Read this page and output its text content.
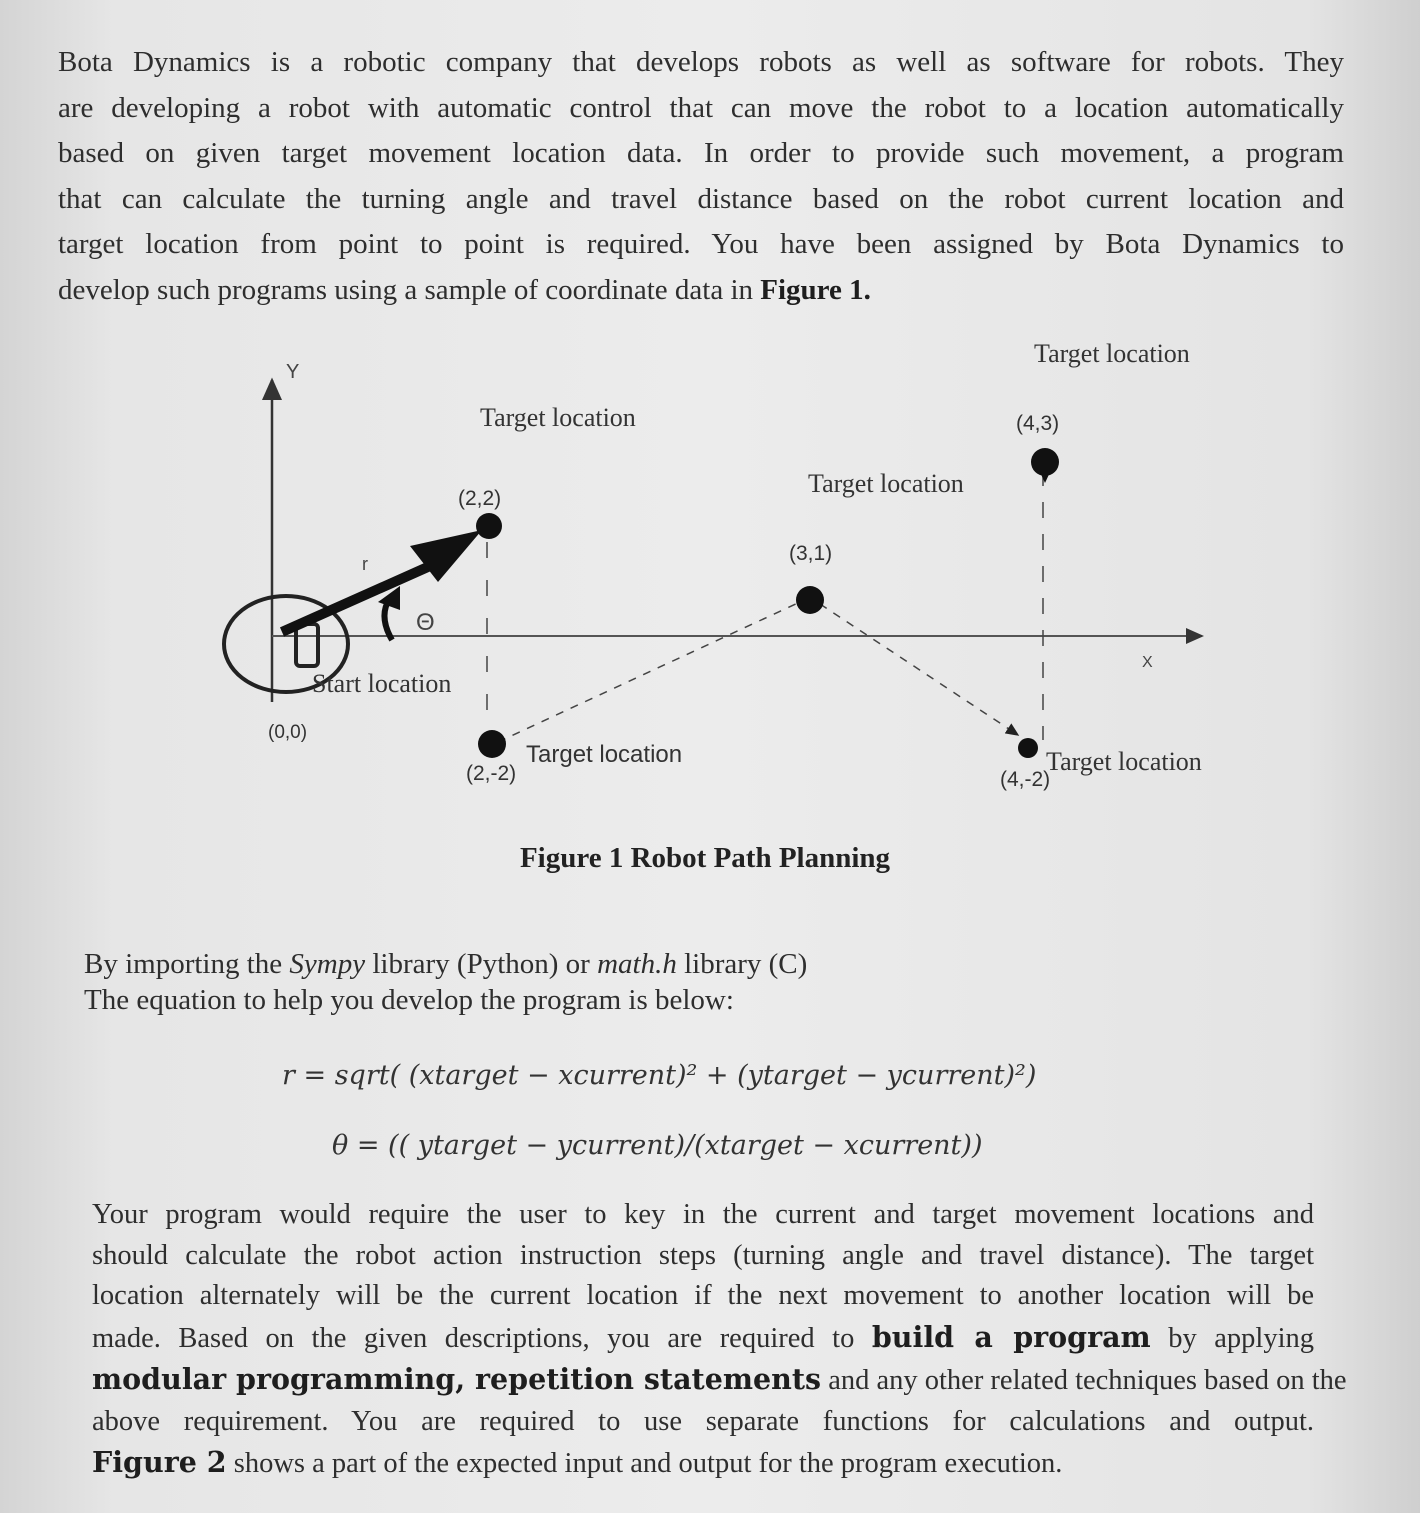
Bota Dynamics is a robotic company that develops robots as well as software for robots. They
are developing a robot with automatic control that can move the robot to a location automatically
based on given target movement location data. In order to provide such movement, a program
that can calculate the turning angle and travel distance based on the robot current location and
target location from point to point is required. You have been assigned by Bota Dynamics to
develop such programs using a sample of coordinate data in Figure 1.
Y
X
r
Θ
Start location
(0,0)
(2,2)
Target location
(3,1)
Target location
(4,3)
Target location
(2,-2)
Target location
(4,-2)
Target location
Figure 1 Robot Path Planning
By importing the Sympy library (Python) or math.h library (C)
The equation to help you develop the program is below:
r = sqrt( (xtarget − xcurrent)² + (ytarget − ycurrent)²)
θ = (( ytarget − ycurrent)/(xtarget − xcurrent))
Your program would require the user to key in the current and target movement locations and
should calculate the robot action instruction steps (turning angle and travel distance). The target
location alternately will be the current location if the next movement to another location will be
made. Based on the given descriptions, you are required to build a program by applying
modular programming, repetition statements and any other related techniques based on the
above requirement. You are required to use separate functions for calculations and output.
Figure 2 shows a part of the expected input and output for the program execution.
